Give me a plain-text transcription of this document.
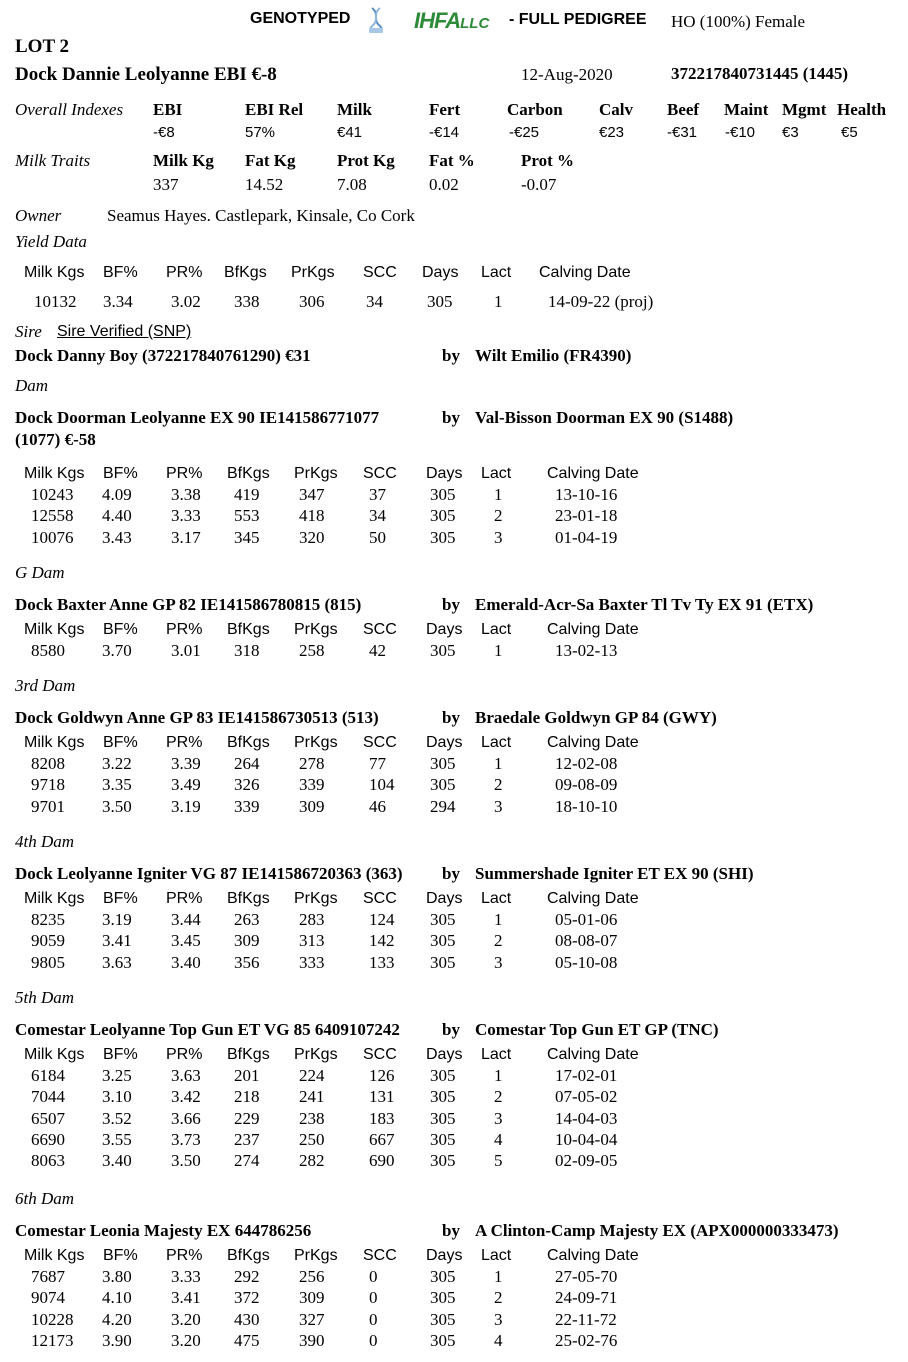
GENOTYPED	IHFALLC - FULL PEDIGREE HO (100%) Female
LOT 2
Dock Dannie Leolyanne EBI €-8	12-Aug-2020	372217840731445 (1445)
Overall Indexes EBI	EBI Rel Milk	Fert	Carbon Calv Beef Maint Mgmt Health
-€8	57%	€41	-€14	-€25	€23	-€31 -€10 €3	€5
Milk Traits	Milk Kg Fat Kg Prot Kg Fat %	Prot %
337	14.52	7.08	0.02	-0.07
Owner	Seamus Hayes. Castlepark, Kinsale, Co Cork
Yield Data
Milk Kgs BF% PR% BfKgs PrKgs SCC Days Lact Calving Date
10132 3.34 3.02 338 306 34	305 1	14-09-22 (proj)
Sire Sire Verified (SNP)
Dock Danny Boy (372217840761290) €31	by Wilt Emilio (FR4390)
Dam
Dock Doorman Leolyanne EX 90 IE141586771077
(1077) €-58
by Val-Bisson Doorman EX 90 (S1488)
Milk Kgs BF% PR% BfKgs PrKgs SCC Days Lact Calving Date
10243 4.09 3.38 419 347	37	305 1	13-10-16
12558 4.40 3.33 553 418	34	305 2	23-01-18
10076 3.43 3.17 345 320	50	305 3	01-04-19
G Dam
Dock Baxter Anne GP 82 IE141586780815 (815)	by Emerald-Acr-Sa Baxter Tl Tv Ty EX 91 (ETX)
Milk Kgs BF% PR% BfKgs PrKgs SCC Days Lact Calving Date
8580 3.70 3.01 318 258	42	305 1	13-02-13
3rd Dam
Dock Goldwyn Anne GP 83 IE141586730513 (513)	by Braedale Goldwyn GP 84 (GWY)
Milk Kgs BF% PR% BfKgs PrKgs SCC Days Lact Calving Date
8208 3.22 3.39 264 278	77	305 1	12-02-08
9718 3.35 3.49 326 339	104 305 2	09-08-09
9701 3.50 3.19 339 309	46	294 3	18-10-10
4th Dam
Dock Leolyanne Igniter VG 87 IE141586720363 (363) by Summershade Igniter ET EX 90 (SHI)
Milk Kgs BF% PR% BfKgs PrKgs SCC Days Lact Calving Date
8235 3.19 3.44 263 283	124 305 1	05-01-06
9059 3.41 3.45 309 313	142 305 2	08-08-07
9805 3.63 3.40 356 333	133 305 3	05-10-08
5th Dam
Comestar Leolyanne Top Gun ET VG 85 6409107242 by Comestar Top Gun ET GP (TNC)
Milk Kgs BF% PR% BfKgs PrKgs SCC Days Lact Calving Date
6184 3.25 3.63 201 224	126 305 1	17-02-01
7044 3.10 3.42 218 241	131 305 2	07-05-02
6507 3.52 3.66 229 238	183 305 3	14-04-03
6690 3.55 3.73 237 250	667 305 4	10-04-04
8063 3.40 3.50 274 282	690 305 5	02-09-05
6th Dam
Comestar Leonia Majesty EX 644786256	by A Clinton-Camp Majesty EX (APX000000333473)
Milk Kgs BF% PR% BfKgs PrKgs SCC Days Lact Calving Date
7687 3.80 3.33 292 256	0	305 1	27-05-70
9074 4.10 3.41 372 309	0	305 2	24-09-71
10228 4.20 3.20 430 327	0	305 3	22-11-72
12173 3.90 3.20 475 390	0	305 4	25-02-76
